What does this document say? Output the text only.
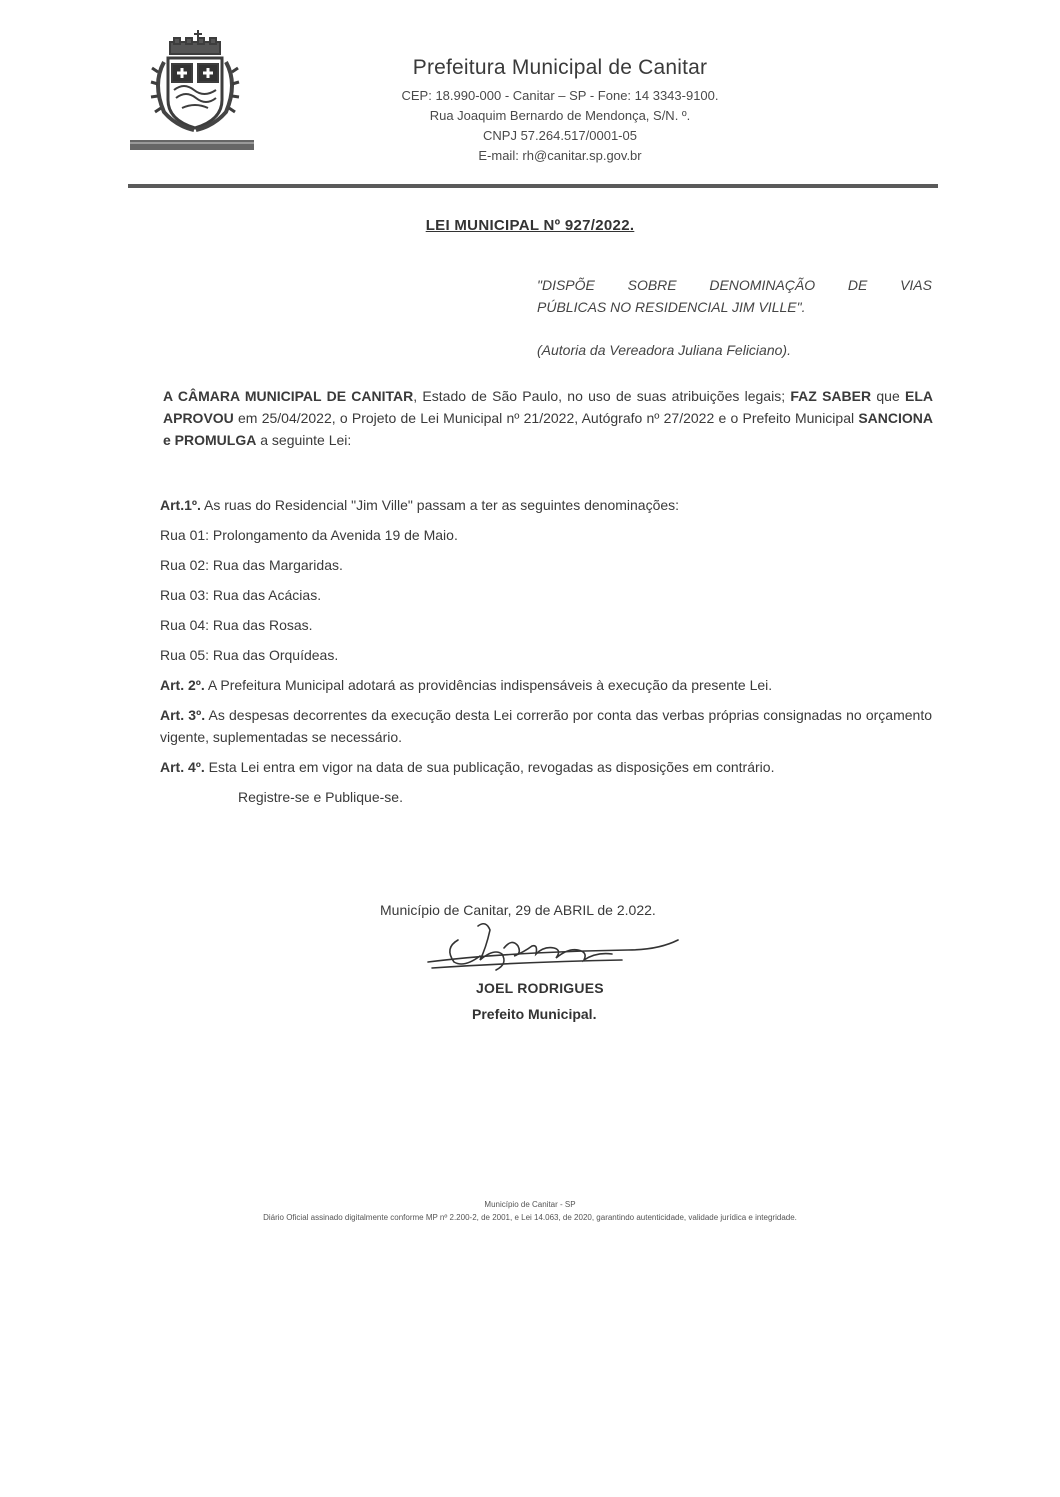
Prefeitura Municipal de Canitar
CEP: 18.990-000 - Canitar – SP - Fone: 14 3343-9100.
Rua Joaquim Bernardo de Mendonça, S/N. º.
CNPJ 57.264.517/0001-05
E-mail: rh@canitar.sp.gov.br
LEI MUNICIPAL Nº 927/2022.
"DISPÕE SOBRE DENOMINAÇÃO DE VIAS
PÚBLICAS NO RESIDENCIAL JIM VILLE".
(Autoria da Vereadora Juliana Feliciano).
A CÂMARA MUNICIPAL DE CANITAR, Estado de São Paulo, no uso de suas atribuições legais; FAZ SABER que ELA APROVOU em 25/04/2022, o Projeto de Lei Municipal nº 21/2022, Autógrafo nº 27/2022 e o Prefeito Municipal SANCIONA e PROMULGA a seguinte Lei:
Art.1º. As ruas do Residencial "Jim Ville" passam a ter as seguintes denominações:
Rua 01: Prolongamento da Avenida 19 de Maio.
Rua 02: Rua das Margaridas.
Rua 03: Rua das Acácias.
Rua 04: Rua das Rosas.
Rua 05: Rua das Orquídeas.
Art. 2º. A Prefeitura Municipal adotará as providências indispensáveis à execução da presente Lei.
Art. 3º. As despesas decorrentes da execução desta Lei correrão por conta das verbas próprias consignadas no orçamento vigente, suplementadas se necessário.
Art. 4º. Esta Lei entra em vigor na data de sua publicação, revogadas as disposições em contrário.
Registre-se e Publique-se.
Município de Canitar, 29 de ABRIL de 2.022.
JOEL RODRIGUES
Prefeito Municipal.
Município de Canitar - SP
Diário Oficial assinado digitalmente conforme MP nº 2.200-2, de 2001, e Lei 14.063, de 2020, garantindo autenticidade, validade jurídica e integridade.
